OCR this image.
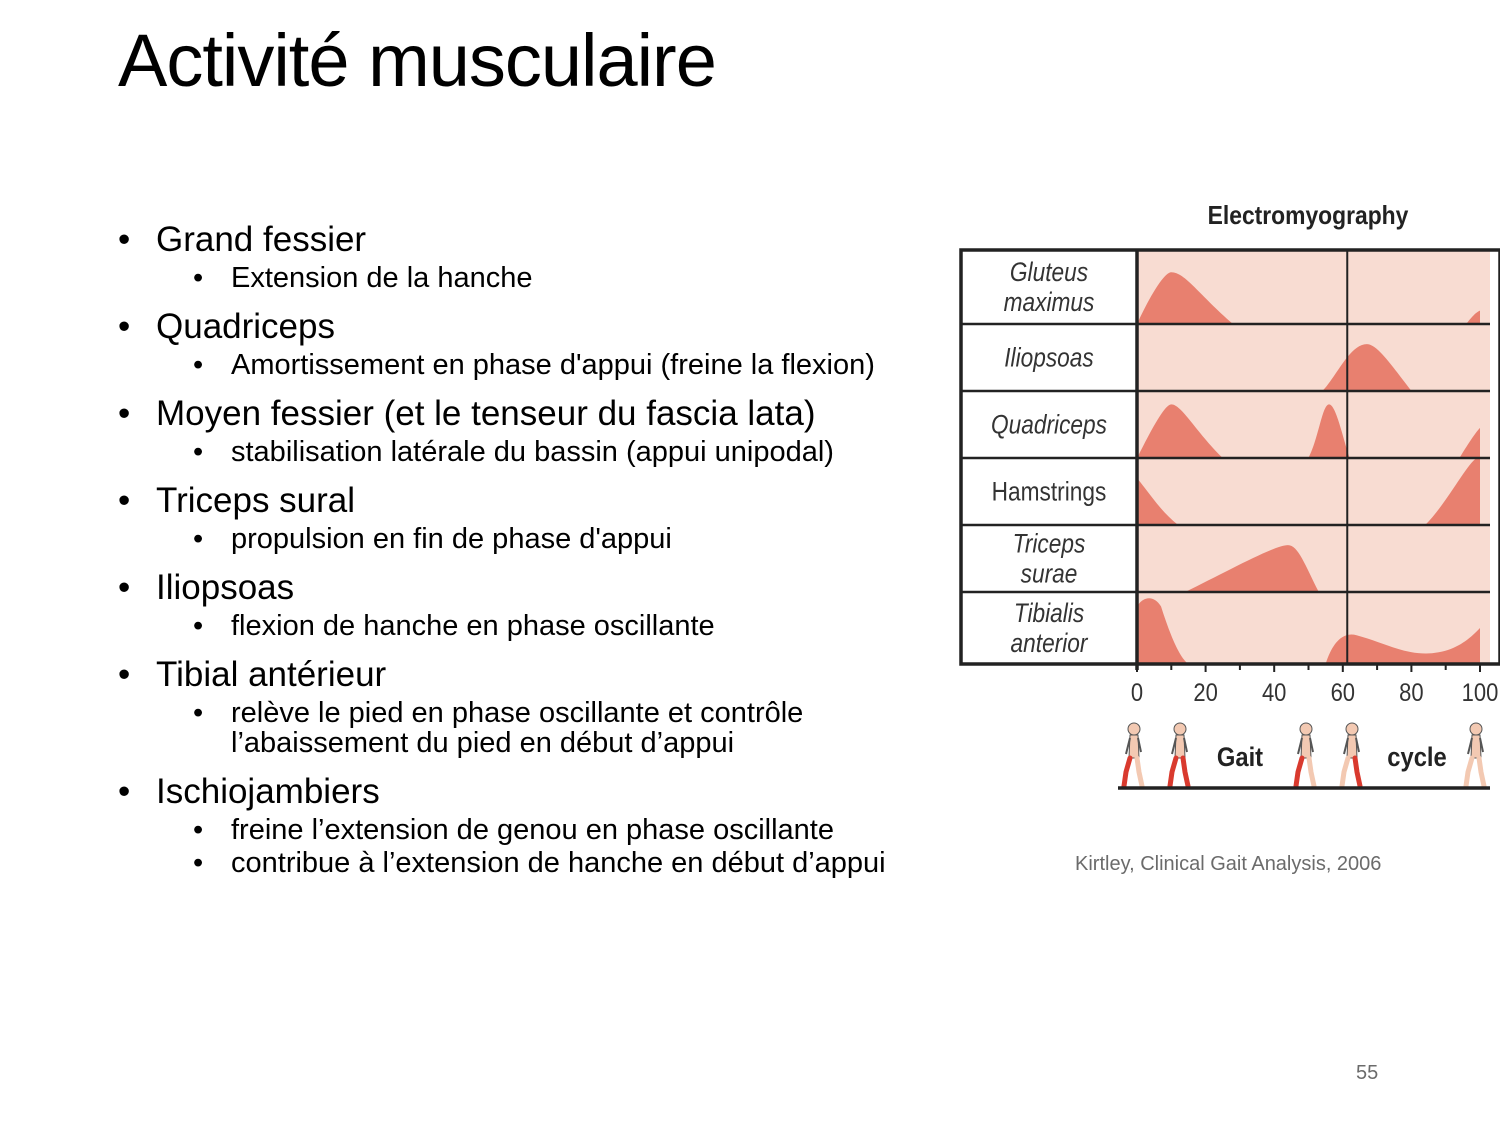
Activité musculaire
• Grand fessier
• Extension de la hanche
• Quadriceps
• Amortissement en phase d'appui (freine la flexion)
• Moyen fessier (et le tenseur du fascia lata)
• stabilisation latérale du bassin (appui unipodal)
• Triceps sural
• propulsion en fin de phase d'appui
• Iliopsoas
• flexion de hanche en phase oscillante
• Tibial antérieur
• relève le pied en phase oscillante et contrôle l’abaissement du pied en début d’appui
• Ischiojambiers
• freine l’extension de genou en phase oscillante
• contribue à l’extension de hanche en début d’appui
Electromyography
Gluteus
maximus
Iliopsoas
Quadriceps
Hamstrings
Triceps
surae
Tibialis
anterior
0 20 40 60 80 100
Gait	cycle
Kirtley, Clinical Gait Analysis, 2006
55
